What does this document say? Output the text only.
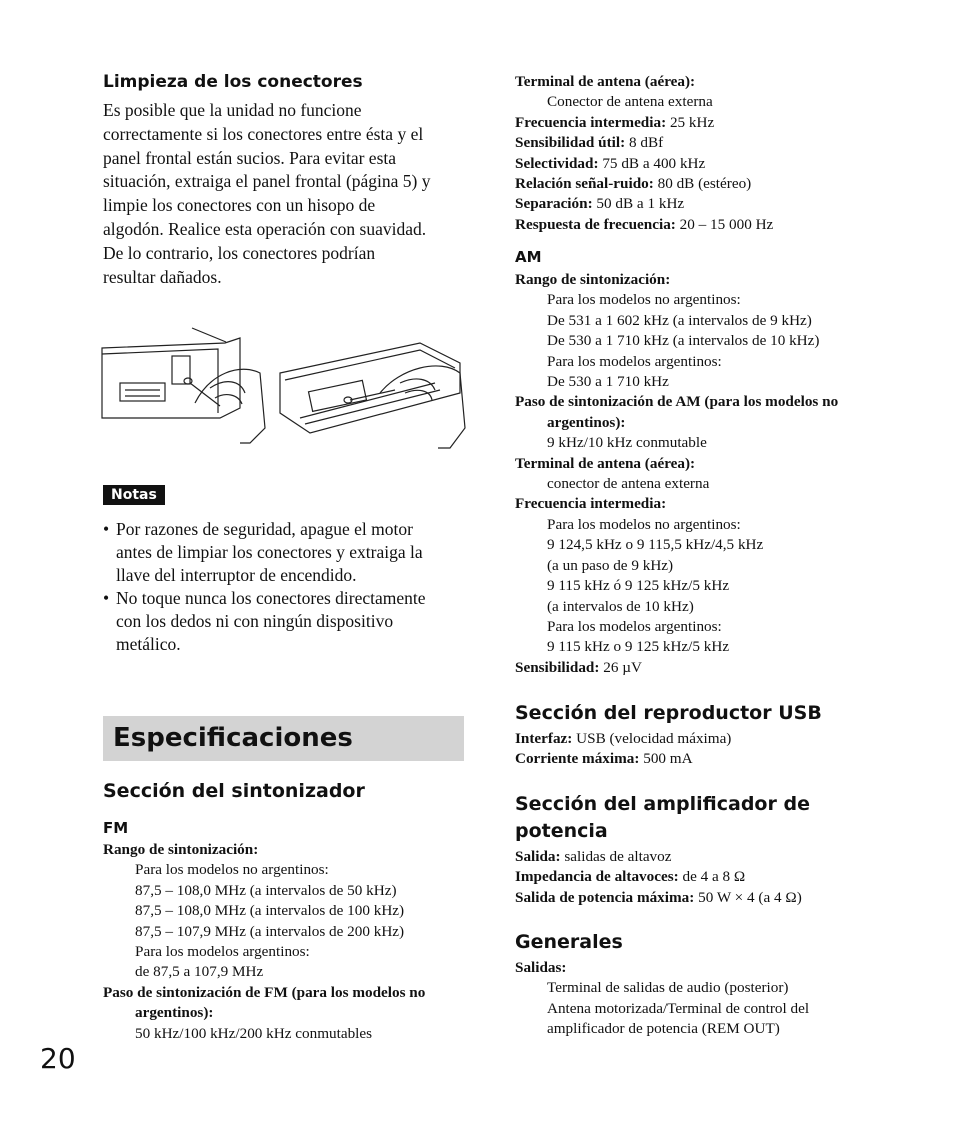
Limpieza de los conectores
Es posible que la unidad no funcione
correctamente si los conectores entre ésta y el
panel frontal están sucios. Para evitar esta
situación, extraiga el panel frontal (página 5) y
limpie los conectores con un hisopo de
algodón. Realice esta operación con suavidad.
De lo contrario, los conectores podrían
resultar dañados.
Notas
• Por razones de seguridad, apague el motor
antes de limpiar los conectores y extraiga la
llave del interruptor de encendido.
• No toque nunca los conectores directamente
con los dedos ni con ningún dispositivo
metálico.
Especificaciones
Sección del sintonizador
FM
Rango de sintonización:
Para los modelos no argentinos:
87,5 – 108,0 MHz (a intervalos de 50 kHz)
87,5 – 108,0 MHz (a intervalos de 100 kHz)
87,5 – 107,9 MHz (a intervalos de 200 kHz)
Para los modelos argentinos:
de 87,5 a 107,9 MHz
Paso de sintonización de FM (para los modelos no
argentinos):
50 kHz/100 kHz/200 kHz conmutables
20
Terminal de antena (aérea):
Conector de antena externa
Frecuencia intermedia: 25 kHz
Sensibilidad útil: 8 dBf
Selectividad: 75 dB a 400 kHz
Relación señal-ruido: 80 dB (estéreo)
Separación: 50 dB a 1 kHz
Respuesta de frecuencia: 20 – 15 000 Hz
AM
Rango de sintonización:
Para los modelos no argentinos:
De 531 a 1 602 kHz (a intervalos de 9 kHz)
De 530 a 1 710 kHz (a intervalos de 10 kHz)
Para los modelos argentinos:
De 530 a 1 710 kHz
Paso de sintonización de AM (para los modelos no
argentinos):
9 kHz/10 kHz conmutable
Terminal de antena (aérea):
conector de antena externa
Frecuencia intermedia:
Para los modelos no argentinos:
9 124,5 kHz o 9 115,5 kHz/4,5 kHz
(a un paso de 9 kHz)
9 115 kHz ó 9 125 kHz/5 kHz
(a intervalos de 10 kHz)
Para los modelos argentinos:
9 115 kHz o 9 125 kHz/5 kHz
Sensibilidad: 26 µV
Sección del reproductor USB
Interfaz: USB (velocidad máxima)
Corriente máxima: 500 mA
Sección del amplificador de
potencia
Salida: salidas de altavoz
Impedancia de altavoces: de 4 a 8 Ω
Salida de potencia máxima: 50 W × 4 (a 4 Ω)
Generales
Salidas:
Terminal de salidas de audio (posterior)
Antena motorizada/Terminal de control del
amplificador de potencia (REM OUT)
